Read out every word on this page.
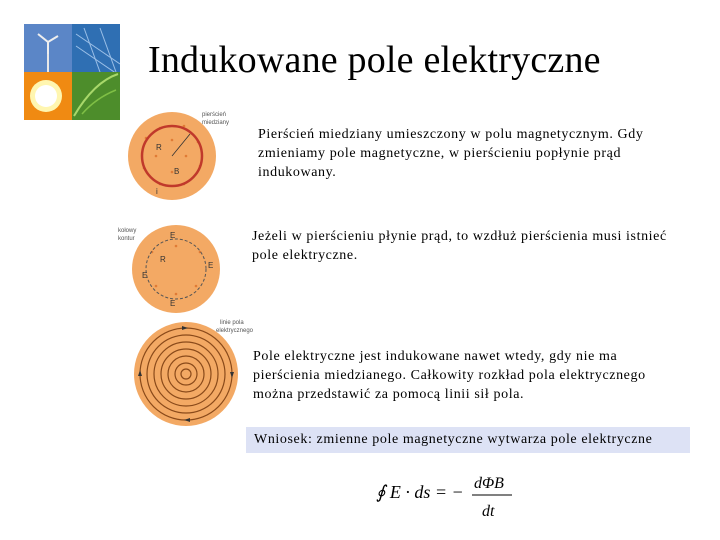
Indukowane pole elektryczne
R
B
i
pierścień
miedziany
Pierścień miedziany umieszczony w polu magnetycznym. Gdy zmieniamy pole magnetyczne, w pierścieniu popłynie prąd indukowany.
E
E
E
E
R
kołowy
kontur	Jeżeli w pierścieniu płynie prąd, to wzdłuż pierścienia musi istnieć pole elektryczne.
linie pola
elektrycznego
Pole elektryczne jest indukowane nawet wtedy, gdy nie ma pierścienia miedzianego. Całkowity rozkład pola elektrycznego można przedstawić za pomocą linii sił pola.
Wniosek: zmienne pole magnetyczne wytwarza pole elektryczne
∮ E · ds = − dΦB
dt
